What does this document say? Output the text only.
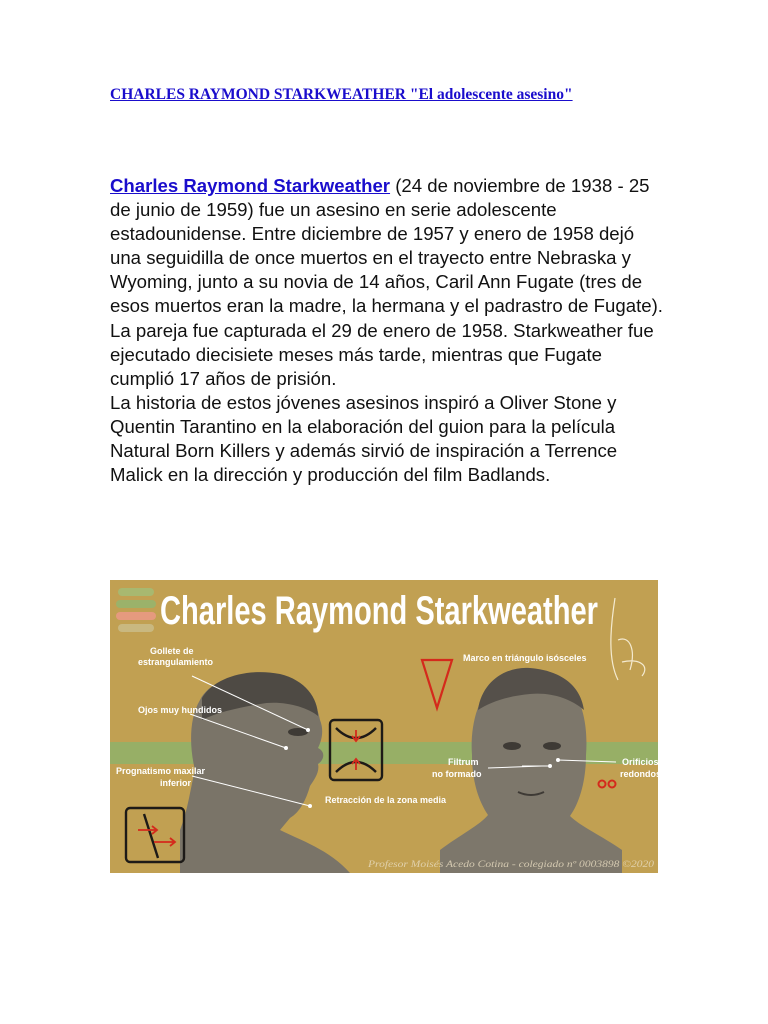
CHARLES RAYMOND STARKWEATHER "El adolescente asesino"

Charles Raymond Starkweather (24 de noviembre de 1938 - 25 de junio de 1959) fue un asesino en serie adolescente estadounidense. Entre diciembre de 1957 y enero de 1958 dejó una seguidilla de once muertos en el trayecto entre Nebraska y Wyoming, junto a su novia de 14 años, Caril Ann Fugate (tres de esos muertos eran la madre, la hermana y el padrastro de Fugate). La pareja fue capturada el 29 de enero de 1958. Starkweather fue ejecutado diecisiete meses más tarde, mientras que Fugate cumplió 17 años de prisión.

La historia de estos jóvenes asesinos inspiró a Oliver Stone y Quentin Tarantino en la elaboración del guion para la película Natural Born Killers y además sirvió de inspiración a Terrence Malick en la dirección y producción del film Badlands.

Charles Raymond Starkweather
Gollete de
estrangulamiento
Ojos muy hundidos
Prognatismo maxilar
inferior
Retracción de la zona media
Marco en triángulo isósceles
Filtrum
no formado
Orificios
redondos
Profesor Moisés Acedo Cotina - colegiado nº 0003898 ©2020
